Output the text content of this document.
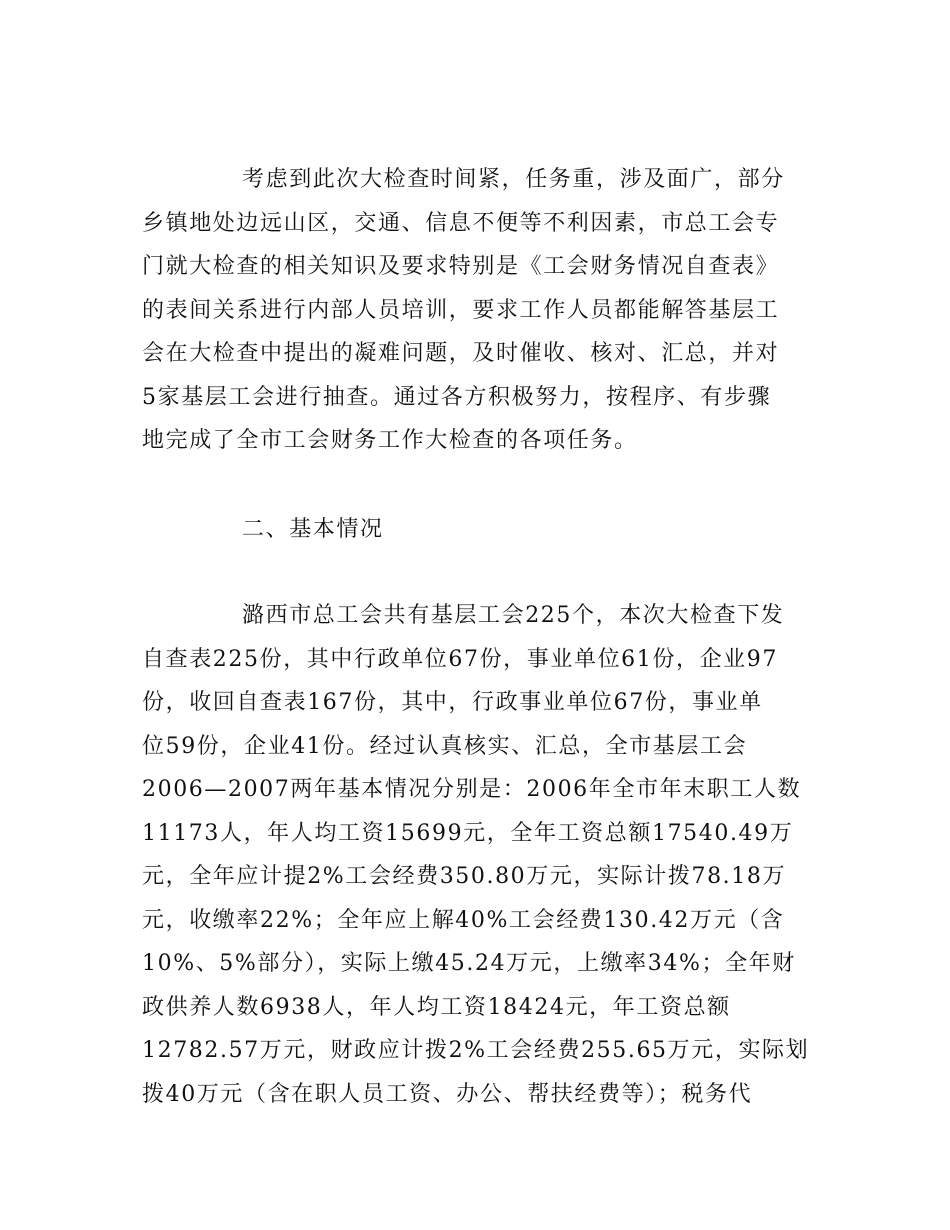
考虑到此次大检查时间紧，任务重，涉及面广，部分
乡镇地处边远山区，交通、信息不便等不利因素，市总工会专
门就大检查的相关知识及要求特别是《工会财务情况自查表》
的表间关系进行内部人员培训，要求工作人员都能解答基层工
会在大检查中提出的凝难问题，及时催收、核对、汇总，并对
5家基层工会进行抽查。通过各方积极努力，按程序、有步骤
地完成了全市工会财务工作大检查的各项任务。
二、基本情况
潞西市总工会共有基层工会225个，本次大检查下发
自查表225份，其中行政单位67份，事业单位61份，企业97
份，收回自查表167份，其中，行政事业单位67份，事业单
位59份，企业41份。经过认真核实、汇总，全市基层工会
2006—2007两年基本情况分别是：2006年全市年末职工人数
11173人，年人均工资15699元，全年工资总额17540.49万
元，全年应计提2%工会经费350.80万元，实际计拨78.18万
元，收缴率22%；全年应上解40%工会经费130.42万元（含
10%、5%部分），实际上缴45.24万元，上缴率34%；全年财
政供养人数6938人，年人均工资18424元，年工资总额
12782.57万元，财政应计拨2%工会经费255.65万元，实际划
拨40万元（含在职人员工资、办公、帮扶经费等）；税务代
